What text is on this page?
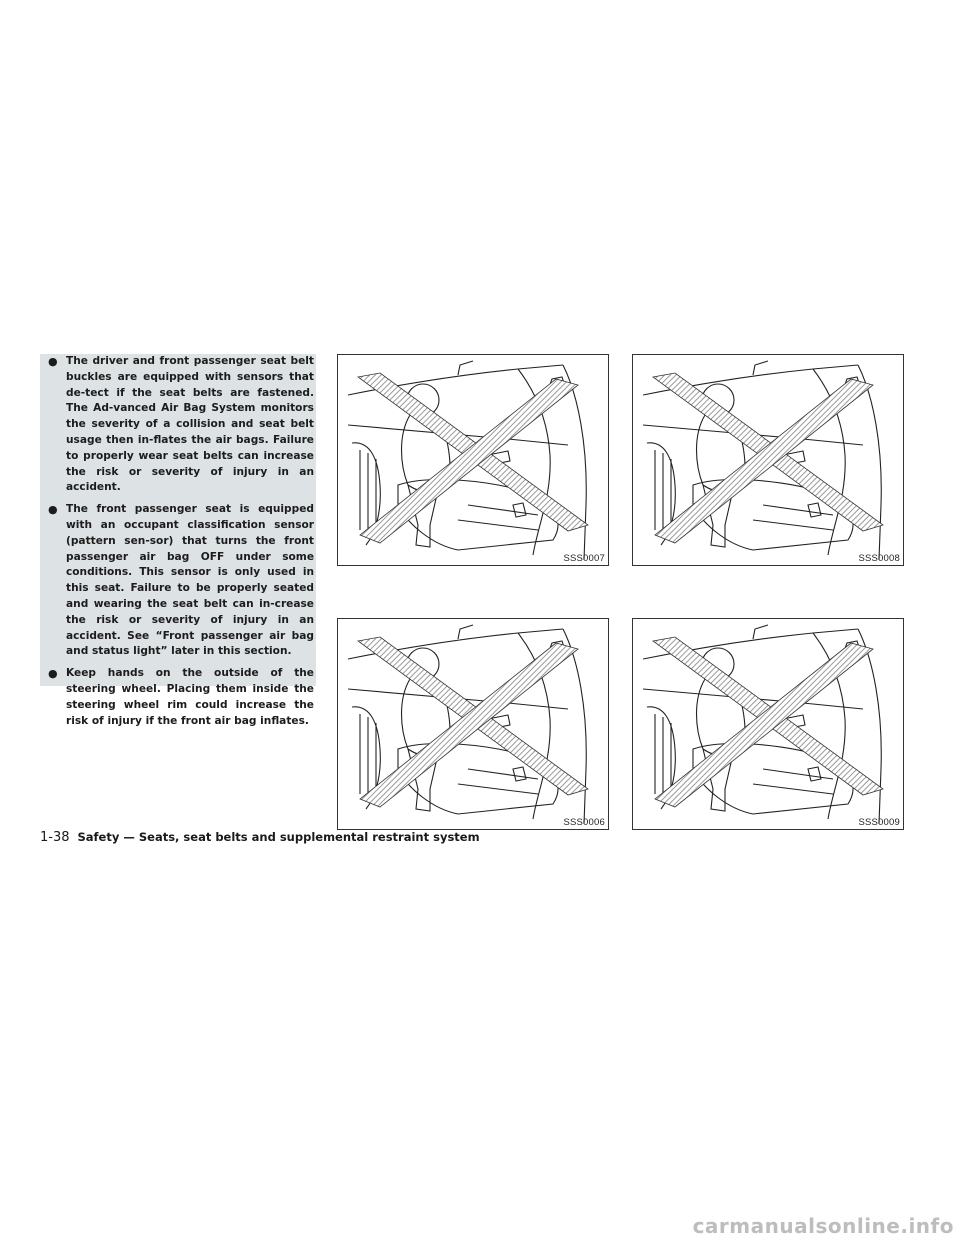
● The driver and front passenger seat belt buckles are equipped with sensors that de-tect if the seat belts are fastened. The Ad-vanced Air Bag System monitors the severity of a collision and seat belt usage then in-flates the air bags. Failure to properly wear seat belts can increase the risk or severity of injury in an accident.

● The front passenger seat is equipped with an occupant classification sensor (pattern sen-sor) that turns the front passenger air bag OFF under some conditions. This sensor is only used in this seat. Failure to be properly seated and wearing the seat belt can in-crease the risk or severity of injury in an accident. See “Front passenger air bag and status light” later in this section.

● Keep hands on the outside of the steering wheel. Placing them inside the steering wheel rim could increase the risk of injury if the front air bag inflates.

SSS0007	SSS0008
SSS0006	SSS0009
1-38 Safety — Seats, seat belts and supplemental restraint system
carmanualsonline.info
